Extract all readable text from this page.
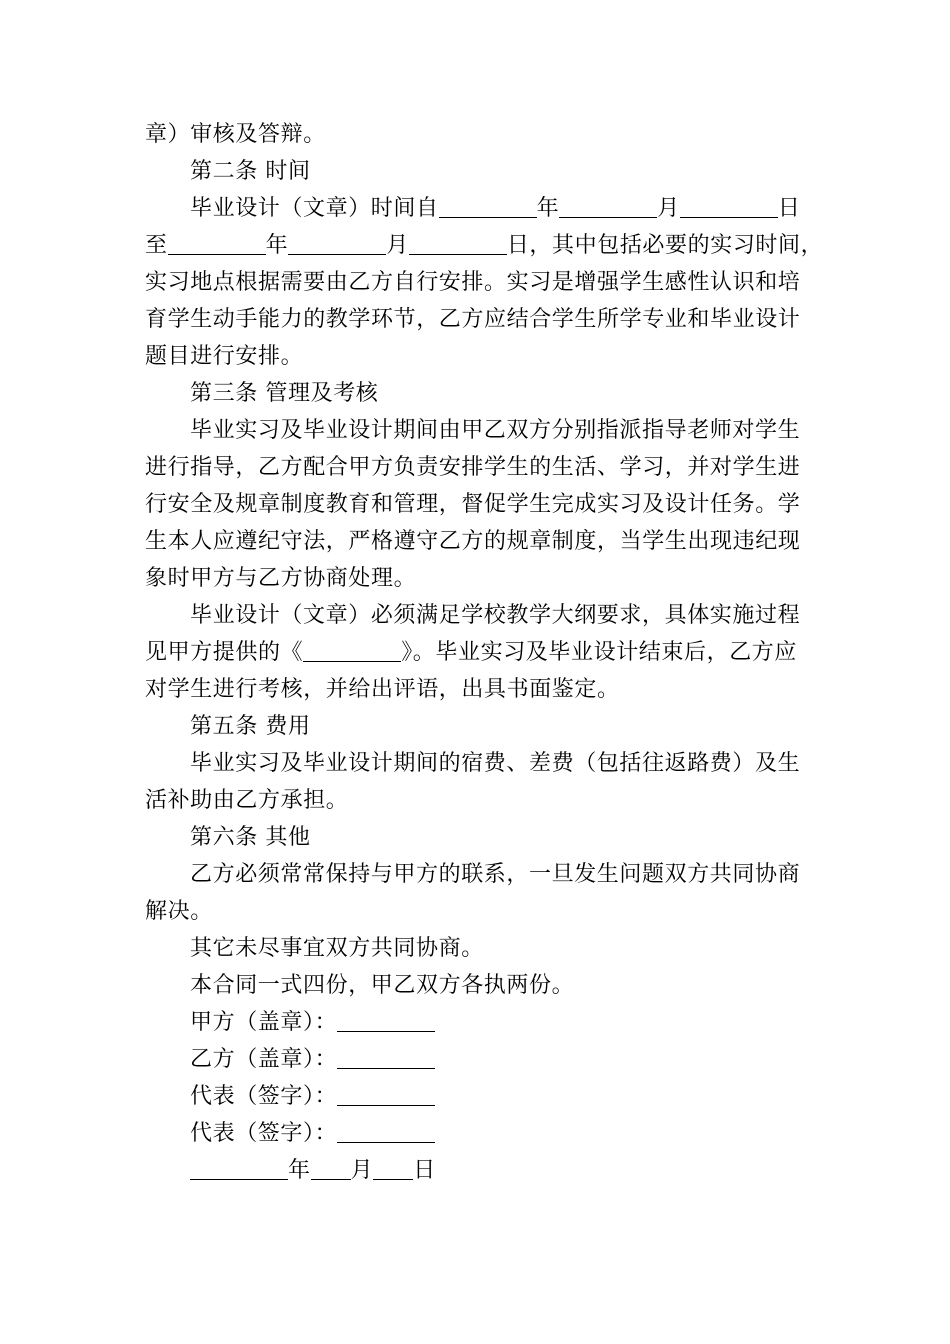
章）审核及答辩。
第二条 时间
毕业设计（文章）时间自	年	月	日
至	年	月	日，其中包括必要的实习时间，
实习地点根据需要由乙方自行安排。实习是增强学生感性认识和培
育学生动手能力的教学环节，乙方应结合学生所学专业和毕业设计
题目进行安排。
第三条 管理及考核
毕业实习及毕业设计期间由甲乙双方分别指派指导老师对学生
进行指导，乙方配合甲方负责安排学生的生活、学习，并对学生进
行安全及规章制度教育和管理，督促学生完成实习及设计任务。学
生本人应遵纪守法，严格遵守乙方的规章制度，当学生出现违纪现
象时甲方与乙方协商处理。
毕业设计（文章）必须满足学校教学大纲要求，具体实施过程
见甲方提供的《	》。毕业实习及毕业设计结束后，乙方应
对学生进行考核，并给出评语，出具书面鉴定。
第五条 费用
毕业实习及毕业设计期间的宿费、差费（包括往返路费）及生
活补助由乙方承担。
第六条 其他
乙方必须常常保持与甲方的联系，一旦发生问题双方共同协商
解决。
其它未尽事宜双方共同协商。
本合同一式四份，甲乙双方各执两份。
甲方（盖章）：
乙方（盖章）：
代表（签字）：
代表（签字）：
年 月 日
